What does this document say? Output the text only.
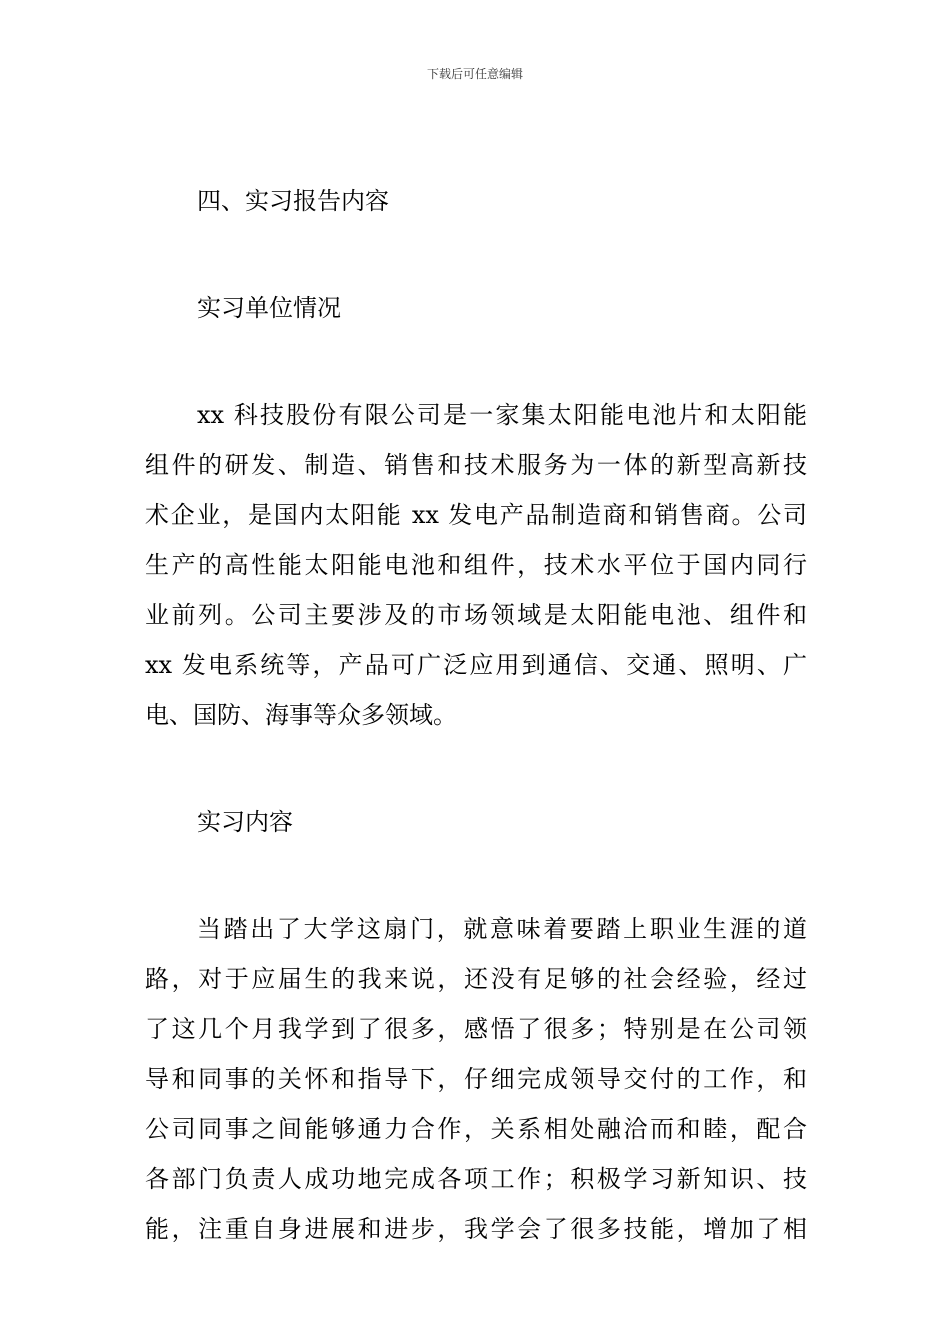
下载后可任意编辑

四、实习报告内容

实习单位情况

xx 科技股份有限公司是一家集太阳能电池片和太阳能
组件的研发、制造、销售和技术服务为一体的新型高新技
术企业，是国内太阳能 xx 发电产品制造商和销售商。公司
生产的高性能太阳能电池和组件，技术水平位于国内同行
业前列。公司主要涉及的市场领域是太阳能电池、组件和
xx 发电系统等，产品可广泛应用到通信、交通、照明、广
电、国防、海事等众多领域。

实习内容

当踏出了大学这扇门，就意味着要踏上职业生涯的道
路，对于应届生的我来说，还没有足够的社会经验，经过
了这几个月我学到了很多，感悟了很多；特别是在公司领
导和同事的关怀和指导下，仔细完成领导交付的工作，和
公司同事之间能够通力合作，关系相处融洽而和睦，配合
各部门负责人成功地完成各项工作；积极学习新知识、技
能，注重自身进展和进步，我学会了很多技能，增加了相
